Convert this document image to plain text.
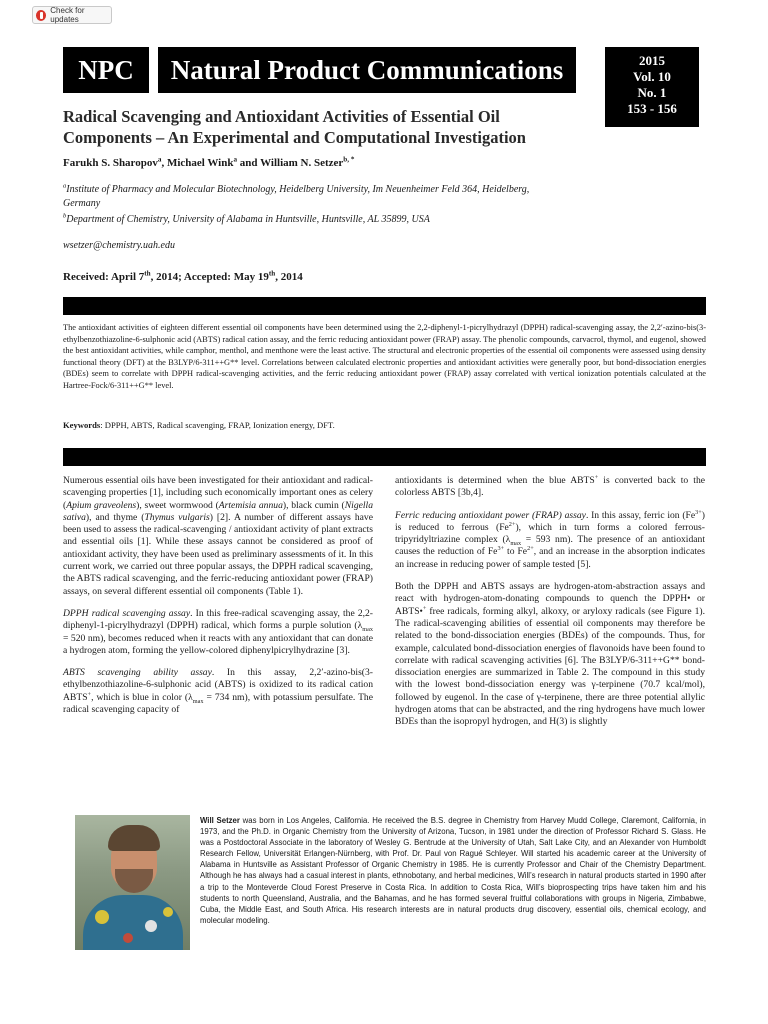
Check for updates
NPC	Natural Product Communications	2015
Vol. 10
No. 1
153 - 156
Radical Scavenging and Antioxidant Activities of Essential Oil
Components – An Experimental and Computational Investigation
Farukh S. Sharopov$^a$, Michael Wink$^a$ and William N. Setzer$^{b, *}$
$^a$Institute of Pharmacy and Molecular Biotechnology, Heidelberg University, Im Neuenheimer Feld 364, Heidelberg, Germany
$^b$Department of Chemistry, University of Alabama in Huntsville, Huntsville, AL 35899, USA
wsetzer@chemistry.uah.edu
Received: April 7th, 2014; Accepted: May 19th, 2014
The antioxidant activities of eighteen different essential oil components have been determined using the 2,2-diphenyl-1-picrylhydrazyl (DPPH) radical-scavenging assay, the 2,2′-azino-bis(3-ethylbenzothiazoline-6-sulphonic acid (ABTS) radical cation assay, and the ferric reducing antioxidant power (FRAP) assay. The phenolic compounds, carvacrol, thymol, and eugenol, showed the best antioxidant activities, while camphor, menthol, and menthone were the least active. The structural and electronic properties of the essential oil components were assessed using density functional theory (DFT) at the B3LYP/6-311++G** level. Correlations between calculated electronic properties and antioxidant activities were generally poor, but bond-dissociation energies (BDEs) seem to correlate with DPPH radical-scavenging activities, and the ferric reducing antioxidant power (FRAP) assay correlated with vertical ionization potentials calculated at the Hartree-Fock/6-311++G** level.
Keywords: DPPH, ABTS, Radical scavenging, FRAP, Ionization energy, DFT.

Numerous essential oils have been investigated for their antioxidant and radical-scavenging properties [1], including such economically important ones as celery (Apium graveolens), sweet wormwood (Artemisia annua), black cumin (Nigella sativa), and thyme (Thymus vulgaris) [2]. A number of different assays have been used to assess the radical-scavenging / antioxidant activity of plant extracts and essential oils [1]. While these assays cannot be considered as proof of antioxidant activity, they have been used as preliminary assessments of it. In this current work, we carried out three popular assays, the DPPH radical scavenging, the ABTS radical scavenging, and the ferric-reducing antioxidant power (FRAP) assays, on several different essential oil components (Table 1).

DPPH radical scavenging assay. In this free-radical scavenging assay, the 2,2-diphenyl-1-picrylhydrazyl (DPPH) radical, which forms a purple solution ($\lambda_{max} = 520$ nm), becomes reduced when it reacts with any antioxidant that can donate a hydrogen atom, forming the yellow-colored diphenylpicrylhydrazine [3].

ABTS scavenging ability assay. In this assay, 2,2′-azino-bis(3-ethylbenzothiazoline-6-sulphonic acid (ABTS) is oxidized to its radical cation ABTS+, which is blue in color ($\lambda_{max} = 734$ nm), with potassium persulfate. The radical scavenging capacity of

antioxidants is determined when the blue ABTS+ is converted back to the colorless ABTS [3b,4].

Ferric reducing antioxidant power (FRAP) assay. In this assay, ferric ion $(Fe^{3+})$ is reduced to ferrous $(Fe^{2+})$, which in turn forms a colored ferrous-tripyridyltriazine complex ($\lambda_{max} = 593$ nm). The presence of an antioxidant causes the reduction of $Fe^{3+}$ to $Fe^{2+}$, and an increase in the absorption indicates an increase in reducing power of sample tested [5].

Both the DPPH and ABTS assays are hydrogen-atom-abstraction assays and react with hydrogen-atom-donating compounds to quench the DPPH• or ABTS•+ free radicals, forming alkyl, alkoxy, or aryloxy radicals (see Figure 1). The radical-scavenging abilities of essential oil components may therefore be related to the bond-dissociation energies (BDEs) of the compounds. Thus, for example, calculated bond-dissociation energies of flavonoids have been found to correlate with radical scavenging activities [6]. The B3LYP/6-311++G** bond-dissociation energies are summarized in Table 2. The compound in this study with the lowest bond-dissociation energy was γ-terpinene (70.7 kcal/mol), followed by eugenol. In the case of γ-terpinene, there are three potential allylic hydrogen atoms that can be abstracted, and the ring hydrogens have much lower BDEs than the isopropyl hydrogen, and H(3) is slightly

Will Setzer was born in Los Angeles, California. He received the B.S. degree in Chemistry from Harvey Mudd College, Claremont, California, in 1973, and the Ph.D. in Organic Chemistry from the University of Arizona, Tucson, in 1981 under the direction of Professor Richard S. Glass. He was a Postdoctoral Associate in the laboratory of Wesley G. Bentrude at the University of Utah, Salt Lake City, and an Alexander von Humboldt Research Fellow, Universität Erlangen-Nürnberg, with Prof. Dr. Paul von Ragué Schleyer. Will started his academic career at the University of Alabama in Huntsville as Assistant Professor of Organic Chemistry in 1985. He is currently Professor and Chair of the Chemistry Department. Although he has always had a casual interest in plants, ethnobotany, and herbal medicines, Will’s research in natural products started in 1990 after a trip to the Monteverde Cloud Forest Preserve in Costa Rica. In addition to Costa Rica, Will’s bioprospecting trips have taken him and his students to north Queensland, Australia, and the Bahamas, and he has formed several fruitful collaborations with groups in Nigeria, Zimbabwe, Cuba, the Middle East, and South Africa. His research interests are in natural products drug discovery, essential oils, chemical ecology, and molecular modeling.
